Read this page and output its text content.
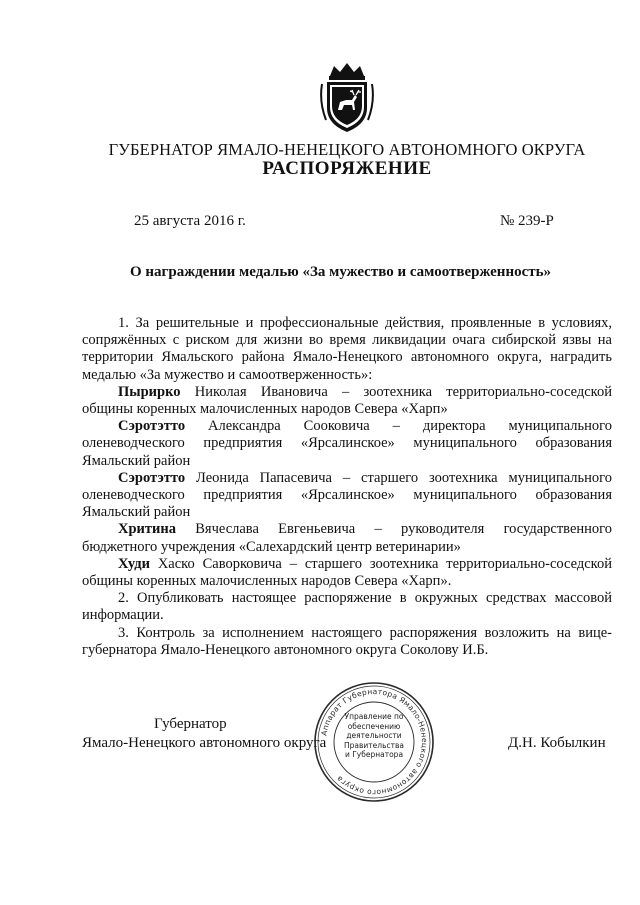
ГУБЕРНАТОР ЯМАЛО-НЕНЕЦКОГО АВТОНОМНОГО ОКРУГА
РАСПОРЯЖЕНИЕ
25 августа 2016 г.	№ 239-Р
О награждении медалью «За мужество и самоотверженность»

1. За решительные и профессиональные действия, проявленные в условиях, сопряжённых с риском для жизни во время ликвидации очага сибирской язвы на территории Ямальского района Ямало-Ненецкого автономного округа, наградить медалью «За мужество и самоотверженность»:

Пырирко Николая Ивановича – зоотехника территориально-соседской общины коренных малочисленных народов Севера «Харп»

Сэротэтто Александра Сооковича – директора муниципального оленеводческого предприятия «Ярсалинское» муниципального образования Ямальский район

Сэротэтто Леонида Папасевича – старшего зоотехника муниципального оленеводческого предприятия «Ярсалинское» муниципального образования Ямальский район

Хритина Вячеслава Евгеньевича – руководителя государственного бюджетного учреждения «Салехардский центр ветеринарии»

Худи Хаско Саворковича – старшего зоотехника территориально-соседской общины коренных малочисленных народов Севера «Харп».

2. Опубликовать настоящее распоряжение в окружных средствах массовой информации.

3. Контроль за исполнением настоящего распоряжения возложить на вице-губернатора Ямало-Ненецкого автономного округа Соколову И.Б.

Губернатор
Ямало-Ненецкого автономного округа	Д.Н. Кобылкин
Аппарат Губернатора Ямало-Ненецкого автономного округа
Управление по
обеспечению
деятельности
Правительства
и Губернатора
